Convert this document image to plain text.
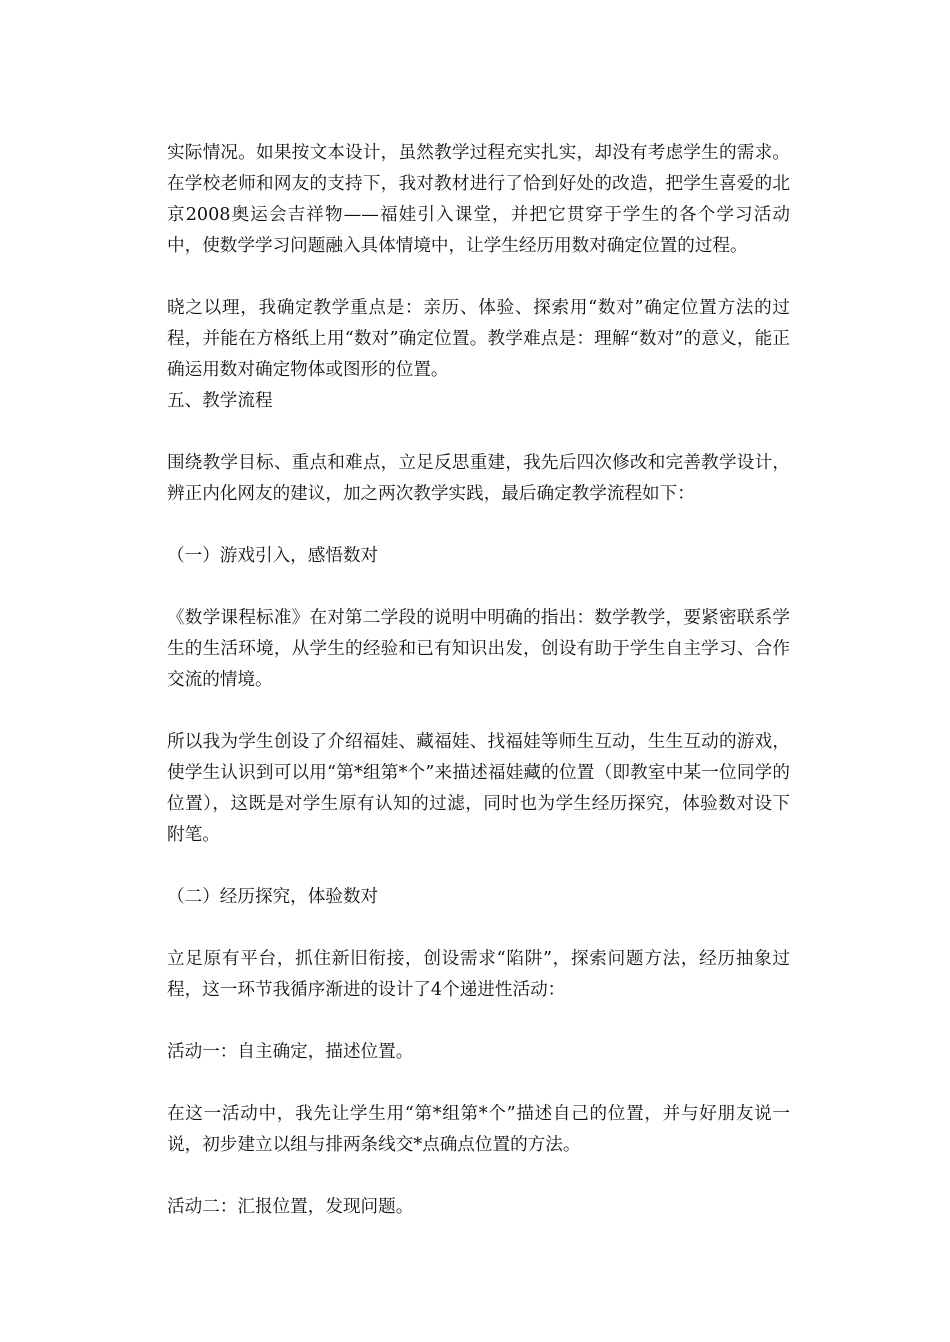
实际情况。如果按文本设计，虽然教学过程充实扎实，却没有考虑学生的需求。在学校老师和网友的支持下，我对教材进行了恰到好处的改造，把学生喜爱的北京2008奥运会吉祥物——福娃引入课堂，并把它贯穿于学生的各个学习活动中，使数学学习问题融入具体情境中，让学生经历用数对确定位置的过程。

晓之以理，我确定教学重点是：亲历、体验、探索用“数对”确定位置方法的过程，并能在方格纸上用“数对”确定位置。教学难点是：理解“数对”的意义，能正确运用数对确定物体或图形的位置。

五、教学流程

围绕教学目标、重点和难点，立足反思重建，我先后四次修改和完善教学设计，辨正内化网友的建议，加之两次教学实践，最后确定教学流程如下：

（一）游戏引入，感悟数对

《数学课程标准》在对第二学段的说明中明确的指出：数学教学，要紧密联系学生的生活环境，从学生的经验和已有知识出发，创设有助于学生自主学习、合作交流的情境。

所以我为学生创设了介绍福娃、藏福娃、找福娃等师生互动，生生互动的游戏，使学生认识到可以用“第*组第*个”来描述福娃藏的位置（即教室中某一位同学的位置），这既是对学生原有认知的过滤，同时也为学生经历探究，体验数对设下附笔。

（二）经历探究，体验数对

立足原有平台，抓住新旧衔接，创设需求“陷阱”，探索问题方法，经历抽象过程，这一环节我循序渐进的设计了4个递进性活动：

活动一：自主确定，描述位置。

在这一活动中，我先让学生用“第*组第*个”描述自己的位置，并与好朋友说一说，初步建立以组与排两条线交*点确点位置的方法。

活动二：汇报位置，发现问题。
